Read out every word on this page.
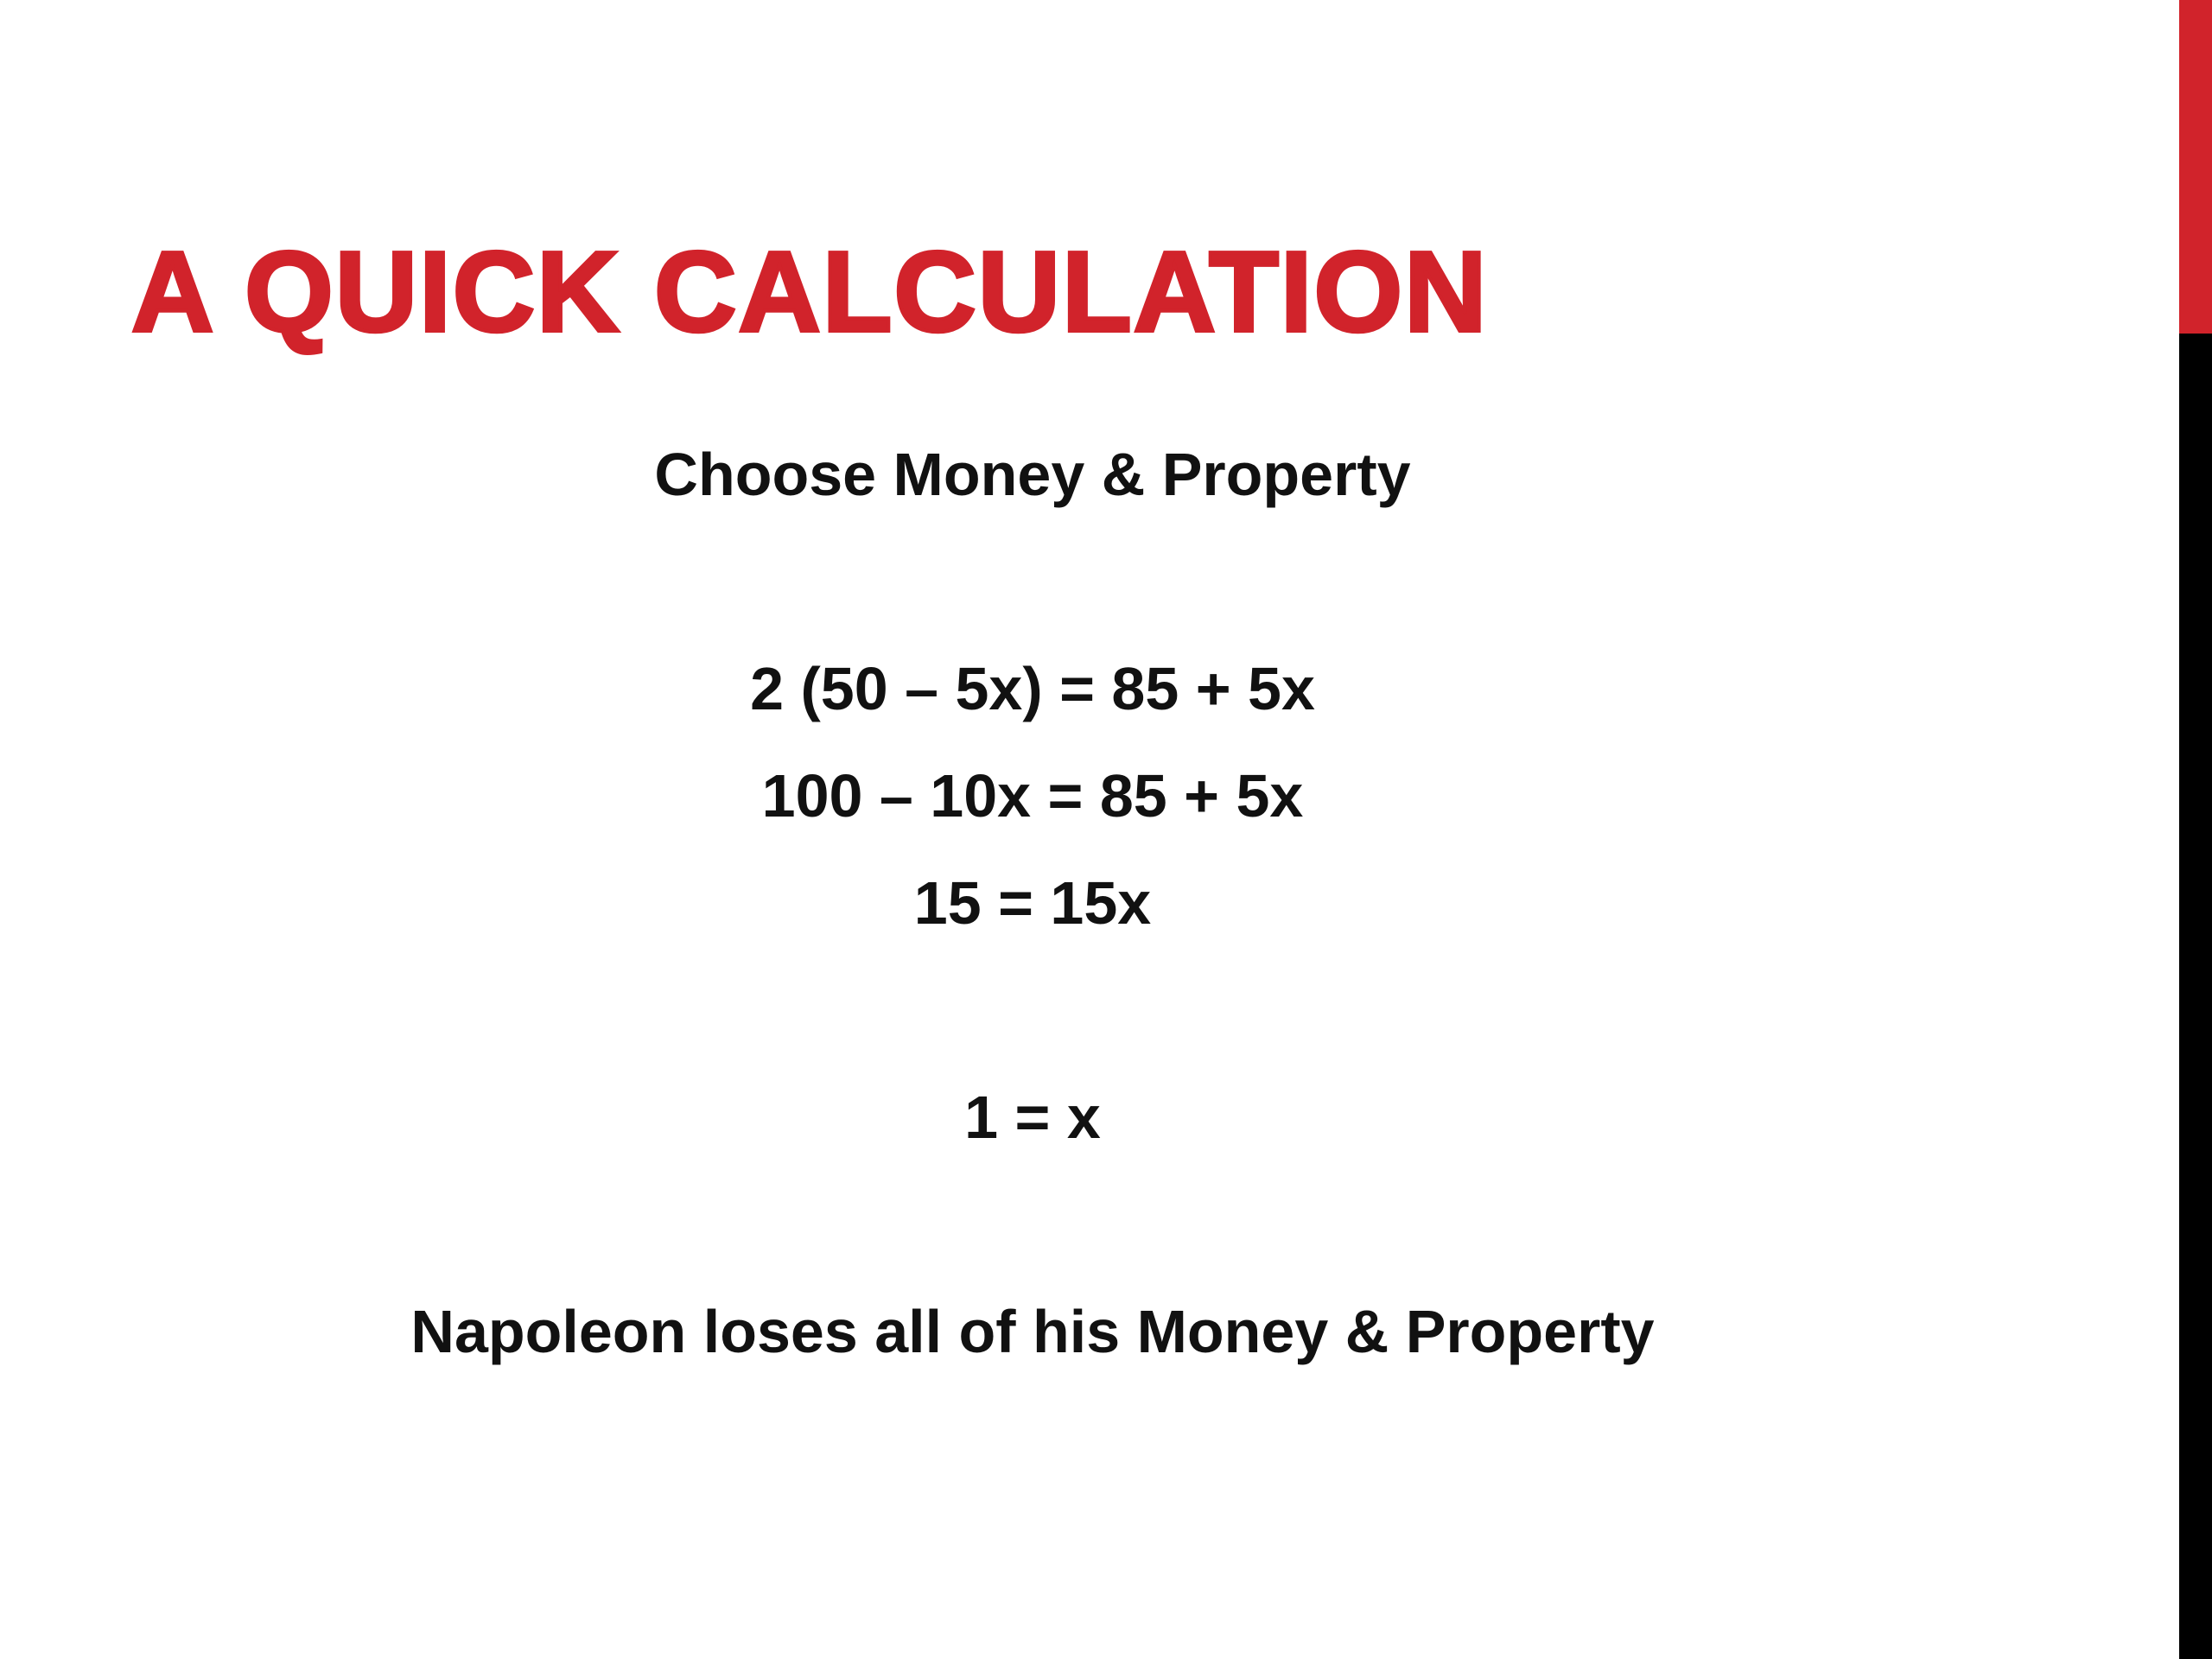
A QUICK CALCULATION

Choose Money & Property

2 (50 – 5x) = 85 + 5x

100 – 10x = 85 + 5x

15 = 15x

1 = x

Napoleon loses all of his Money & Property
